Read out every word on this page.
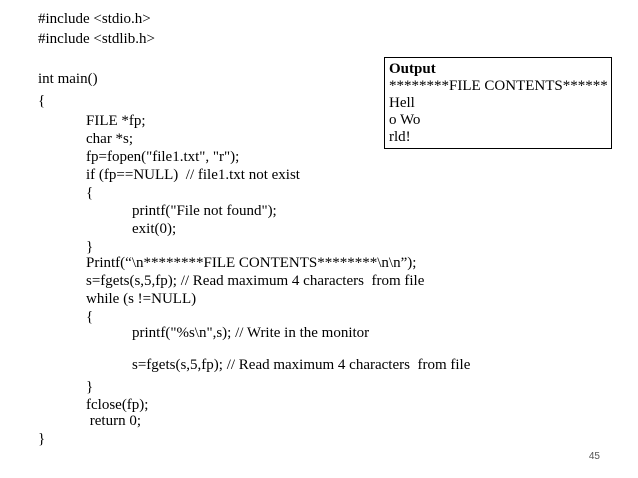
#include <stdio.h>
#include <stdlib.h>
int main()
{
FILE *fp;
char *s;
fp=fopen("file1.txt", "r");
if (fp==NULL)  // file1.txt not exist
{
printf("File not found");
exit(0);
}
Printf(“\n********FILE CONTENTS********\n\n”);
s=fgets(s,5,fp); // Read maximum 4 characters  from file
while (s !=NULL)
{
printf("%s\n",s); // Write in the monitor
s=fgets(s,5,fp); // Read maximum 4 characters  from file
}
fclose(fp);
return 0;
}
Output
********FILE CONTENTS******
Hell
o Wo
rld!
45
